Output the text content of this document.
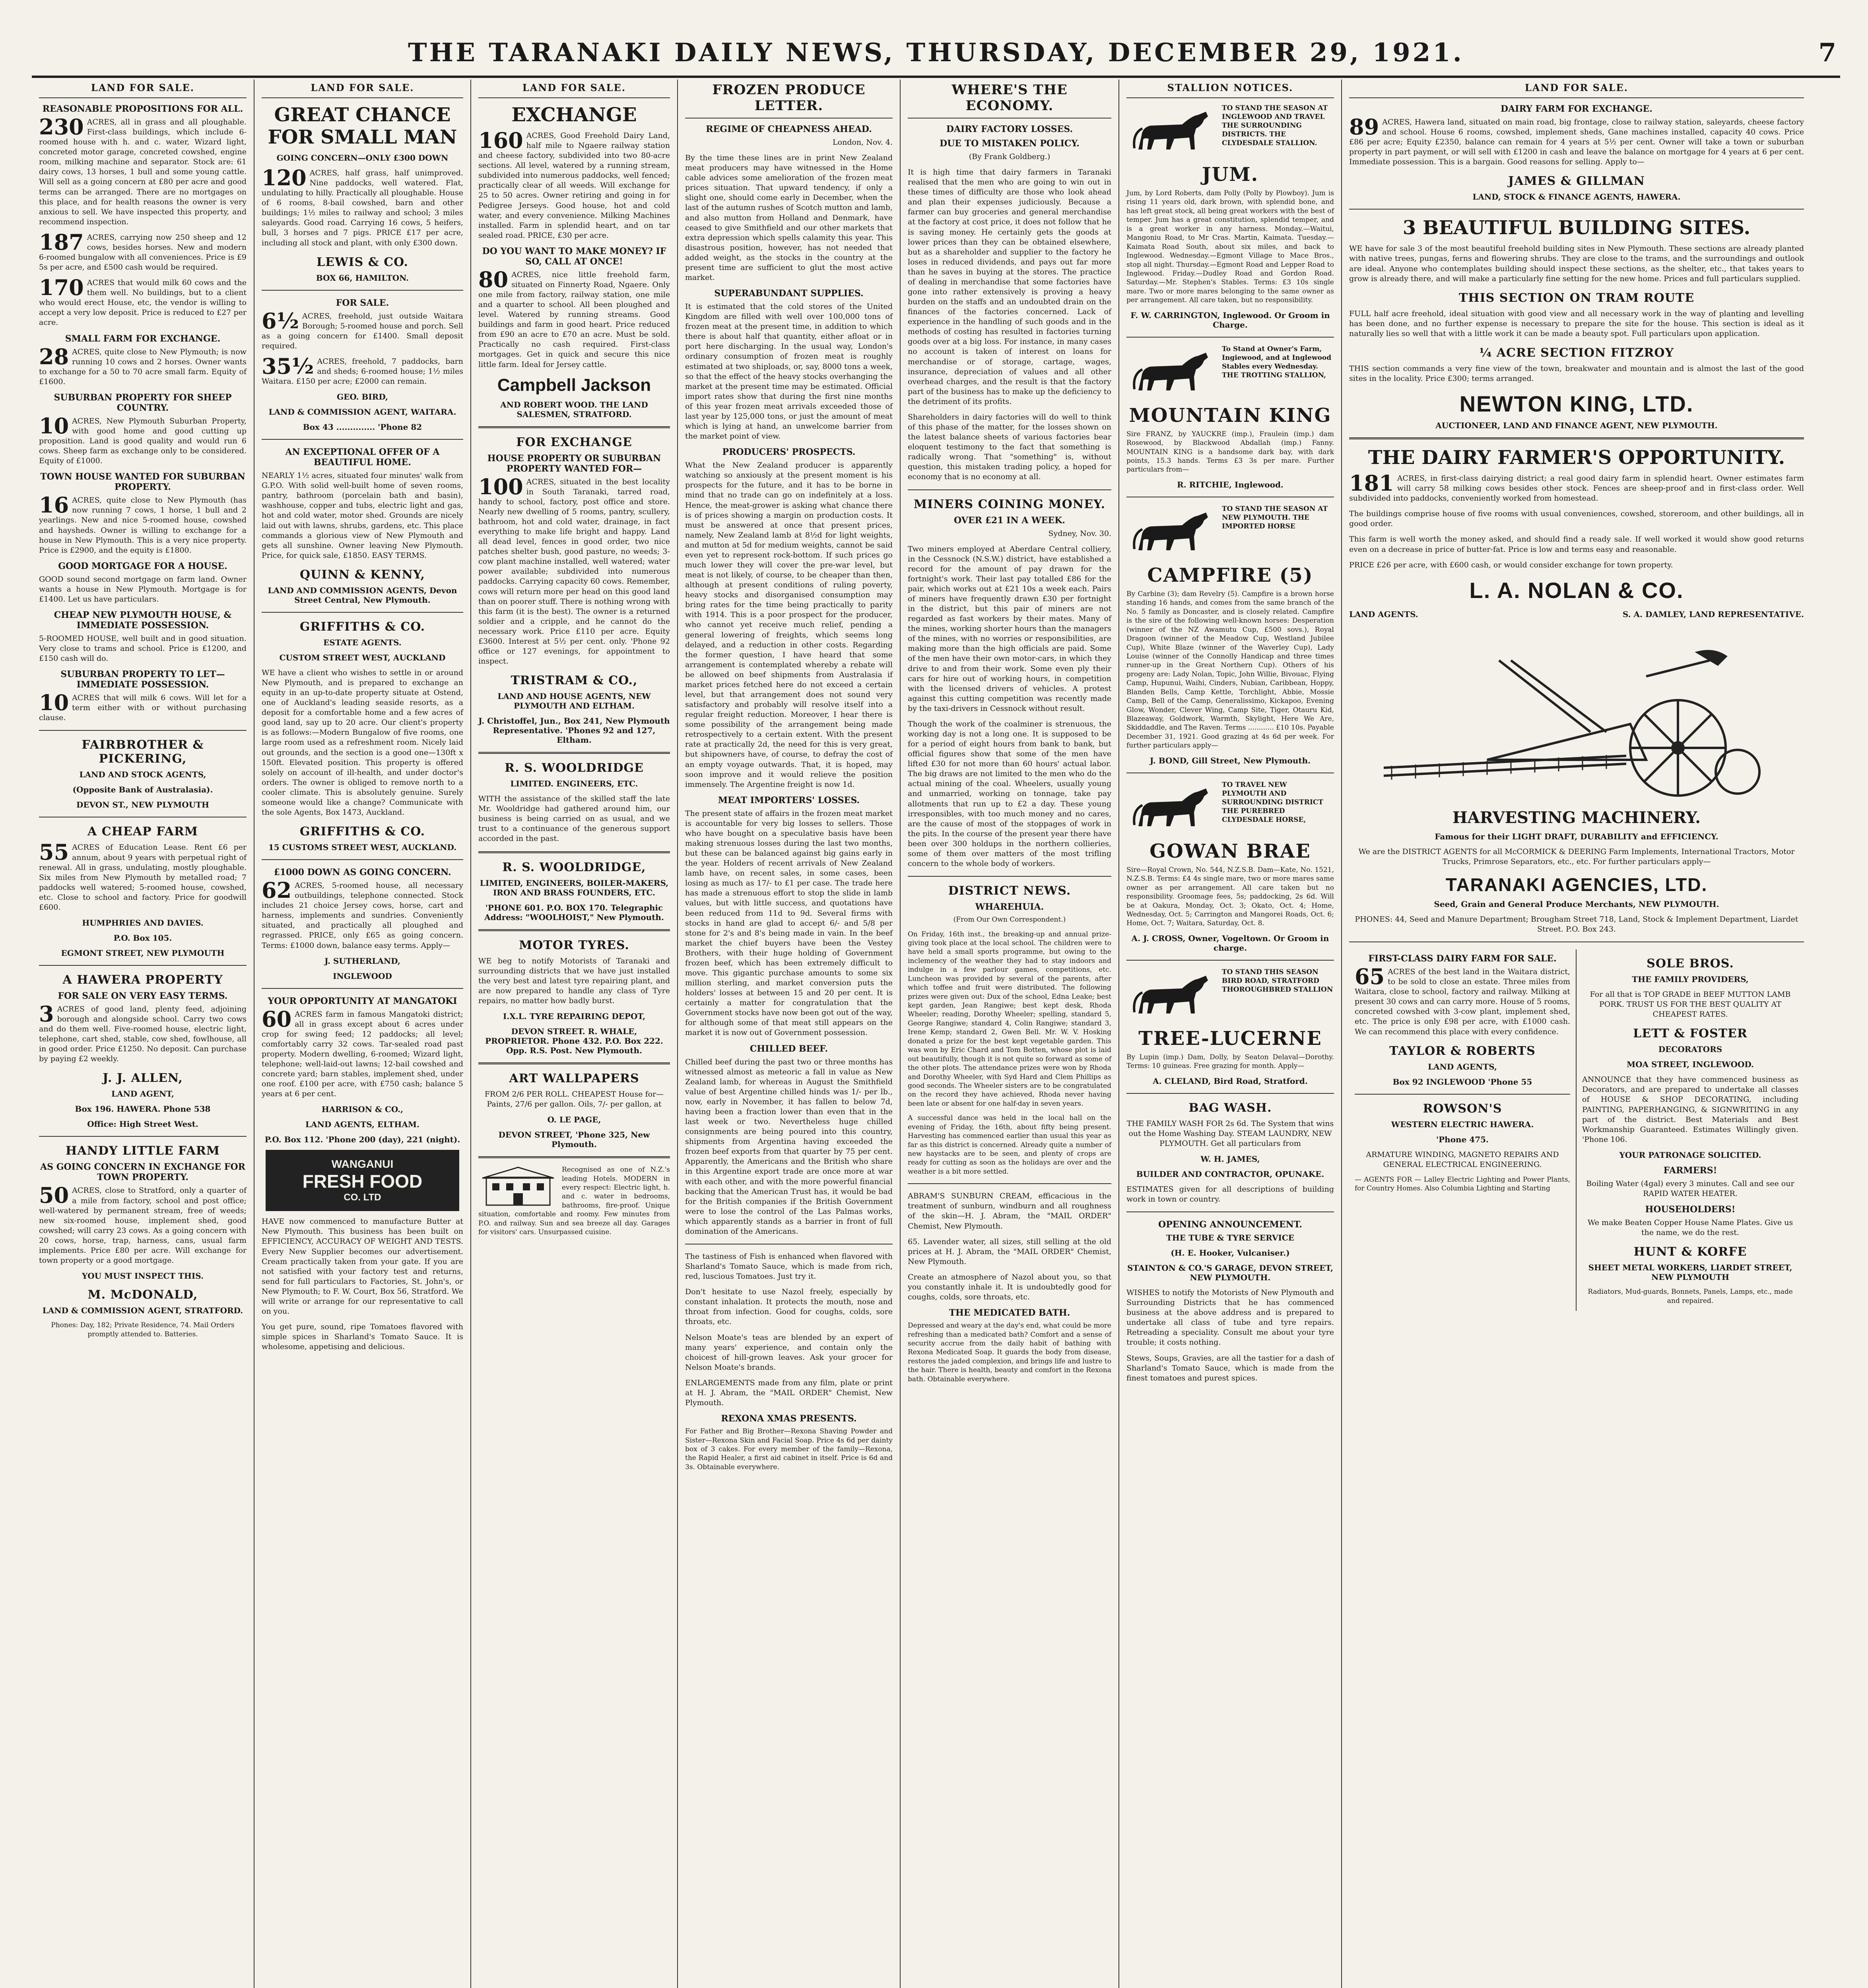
THE TARANAKI DAILY NEWS, THURSDAY, DECEMBER 29, 1921.	7
LAND FOR SALE.
REASONABLE PROPOSITIONS FOR ALL.

230 ACRES, all in grass and all ploughable. First-class buildings, which include 6-roomed house with h. and c. water, Wizard light, concreted motor garage, concreted cowshed, engine room, milking machine and separator. Stock are: 61 dairy cows, 13 horses, 1 bull and some young cattle. Will sell as a going concern at £80 per acre and good terms can be arranged. There are no mortgages on this place, and for health reasons the owner is very anxious to sell. We have inspected this property, and recommend inspection.

187 ACRES, carrying now 250 sheep and 12 cows, besides horses. New and modern 6-roomed bungalow with all conveniences. Price is £9 5s per acre, and £500 cash would be required.

170 ACRES that would milk 60 cows and the them well. No buildings, but to a client who would erect House, etc, the vendor is willing to accept a very low deposit. Price is reduced to £27 per acre.

SMALL FARM FOR EXCHANGE.

28 ACRES, quite close to New Plymouth; is now running 10 cows and 2 horses. Owner wants to exchange for a 50 to 70 acre small farm. Equity of £1600.

SUBURBAN PROPERTY FOR SHEEP COUNTRY.

10 ACRES, New Plymouth Suburban Property, with good home and good cutting up proposition. Land is good quality and would run 6 cows. Sheep farm as exchange only to be considered. Equity of £1000.

TOWN HOUSE WANTED FOR SUBURBAN PROPERTY.

16 ACRES, quite close to New Plymouth (has now running 7 cows, 1 horse, 1 bull and 2 yearlings. New and nice 5-roomed house, cowshed and haysheds. Owner is willing to exchange for a house in New Plymouth. This is a very nice property. Price is £2900, and the equity is £1800.

GOOD MORTGAGE FOR A HOUSE.

GOOD sound second mortgage on farm land. Owner wants a house in New Plymouth. Mortgage is for £1400. Let us have particulars.

CHEAP NEW PLYMOUTH HOUSE, & IMMEDIATE POSSESSION.

5-ROOMED HOUSE, well built and in good situation. Very close to trams and school. Price is £1200, and £150 cash will do.

SUBURBAN PROPERTY TO LET— IMMEDIATE POSSESSION.

10 ACRES that will milk 6 cows. Will let for a term either with or without purchasing clause.

FAIRBROTHER & PICKERING,
LAND AND STOCK AGENTS,
(Opposite Bank of Australasia).
DEVON ST., NEW PLYMOUTH
A CHEAP FARM

55 ACRES of Education Lease. Rent £6 per annum, about 9 years with perpetual right of renewal. All in grass, undulating, mostly ploughable. Six miles from New Plymouth by metalled road; 7 paddocks well watered; 5-roomed house, cowshed, etc. Close to school and factory. Price for goodwill £600.

HUMPHRIES AND DAVIES.
P.O. Box 105.
EGMONT STREET, NEW PLYMOUTH
A HAWERA PROPERTY
FOR SALE ON VERY EASY TERMS.

3 ACRES of good land, plenty feed, adjoining borough and alongside school. Carry two cows and do them well. Five-roomed house, electric light, telephone, cart shed, stable, cow shed, fowlhouse, all in good order. Price £1250. No deposit. Can purchase by paying £2 weekly.

J. J. ALLEN,
LAND AGENT,
Box 196. HAWERA. Phone 538
Office: High Street West.
HANDY LITTLE FARM
AS GOING CONCERN IN EXCHANGE FOR TOWN PROPERTY.

50 ACRES, close to Stratford, only a quarter of a mile from factory, school and post office; well-watered by permanent stream, free of weeds; new six-roomed house, implement shed, good cowshed; will carry 23 cows. As a going concern with 20 cows, horse, trap, harness, cans, usual farm implements. Price £80 per acre. Will exchange for town property or a good mortgage.

YOU MUST INSPECT THIS.
M. McDONALD,
LAND & COMMISSION AGENT, STRATFORD.

Phones: Day, 182; Private Residence, 74. Mail Orders promptly attended to. Batteries.

LAND FOR SALE.
GREAT CHANCE FOR SMALL MAN
GOING CONCERN—ONLY £300 DOWN

120 ACRES, half grass, half unimproved. Nine paddocks, well watered. Flat, undulating to hilly. Practically all ploughable. House of 6 rooms, 8-bail cowshed, barn and other buildings; 1½ miles to railway and school; 3 miles saleyards. Good road. Carrying 16 cows, 5 heifers, bull, 3 horses and 7 pigs. PRICE £17 per acre, including all stock and plant, with only £300 down.

LEWIS & CO.
BOX 66, HAMILTON.
FOR SALE.

6½ ACRES, freehold, just outside Waitara Borough; 5-roomed house and porch. Sell as a going concern for £1400. Small deposit required.

35½ ACRES, freehold, 7 paddocks, barn and sheds; 6-roomed house; 1½ miles Waitara. £150 per acre; £2000 can remain.

GEO. BIRD,
LAND & COMMISSION AGENT, WAITARA.
Box 43 .............. 'Phone 82
AN EXCEPTIONAL OFFER OF A BEAUTIFUL HOME.

NEARLY 1½ acres, situated four minutes' walk from G.P.O. With solid well-built home of seven rooms, pantry, bathroom (porcelain bath and basin), washhouse, copper and tubs, electric light and gas, hot and cold water, motor shed. Grounds are nicely laid out with lawns, shrubs, gardens, etc. This place commands a glorious view of New Plymouth and gets all sunshine. Owner leaving New Plymouth. Price, for quick sale, £1850. EASY TERMS.

QUINN & KENNY,
LAND AND COMMISSION AGENTS, Devon Street Central, New Plymouth.
GRIFFITHS & CO.
ESTATE AGENTS.
CUSTOM STREET WEST, AUCKLAND

WE have a client who wishes to settle in or around New Plymouth, and is prepared to exchange an equity in an up-to-date property situate at Ostend, one of Auckland's leading seaside resorts, as a deposit for a comfortable home and a few acres of good land, say up to 20 acre. Our client's property is as follows:—Modern Bungalow of five rooms, one large room used as a refreshment room. Nicely laid out grounds, and the section is a good one—130ft x 150ft. Elevated position. This property is offered solely on account of ill-health, and under doctor's orders. The owner is obliged to remove north to a cooler climate. This is absolutely genuine. Surely someone would like a change? Communicate with the sole Agents, Box 1473, Auckland.

GRIFFITHS & CO.
15 CUSTOMS STREET WEST, AUCKLAND.
£1000 DOWN AS GOING CONCERN.

62 ACRES, 5-roomed house, all necessary outbuildings, telephone connected. Stock includes 21 choice Jersey cows, horse, cart and harness, implements and sundries. Conveniently situated, and practically all ploughed and regrassed. PRICE, only £65 as going concern. Terms: £1000 down, balance easy terms. Apply—

J. SUTHERLAND,
INGLEWOOD
YOUR OPPORTUNITY AT MANGATOKI

60 ACRES farm in famous Mangatoki district; all in grass except about 6 acres under crop for swing feed; 12 paddocks; all level; comfortably carry 32 cows. Tar-sealed road past property. Modern dwelling, 6-roomed; Wizard light, telephone; well-laid-out lawns; 12-bail cowshed and concrete yard; barn stables, implement shed, under one roof. £100 per acre, with £750 cash; balance 5 years at 6 per cent.

HARRISON & CO.,
LAND AGENTS, ELTHAM.
P.O. Box 112. 'Phone 200 (day), 221 (night).
WANGANUI
FRESH FOOD
CO. LTD

HAVE now commenced to manufacture Butter at New Plymouth. This business has been built on EFFICIENCY, ACCURACY OF WEIGHT AND TESTS. Every New Supplier becomes our advertisement. Cream practically taken from your gate. If you are not satisfied with your factory test and returns, send for full particulars to Factories, St. John's, or New Plymouth; to F. W. Court, Box 56, Stratford. We will write or arrange for our representative to call on you.

You get pure, sound, ripe Tomatoes flavored with simple spices in Sharland's Tomato Sauce. It is wholesome, appetising and delicious.

LAND FOR SALE.
EXCHANGE

160 ACRES, Good Freehold Dairy Land, half mile to Ngaere railway station and cheese factory, subdivided into two 80-acre sections. All level, watered by a running stream, subdivided into numerous paddocks, well fenced; practically clear of all weeds. Will exchange for 25 to 50 acres. Owner retiring and going in for Pedigree Jerseys. Good house, hot and cold water, and every convenience. Milking Machines installed. Farm in splendid heart, and on tar sealed road. PRICE, £30 per acre.

DO YOU WANT TO MAKE MONEY? IF SO, CALL AT ONCE!

80 ACRES, nice little freehold farm, situated on Finnerty Road, Ngaere. Only one mile from factory, railway station, one mile and a quarter to school. All been ploughed and level. Watered by running streams. Good buildings and farm in good heart. Price reduced from £90 an acre to £70 an acre. Must be sold. Practically no cash required. First-class mortgages. Get in quick and secure this nice little farm. Ideal for Jersey cattle.

Campbell Jackson
AND ROBERT WOOD. THE LAND SALESMEN, STRATFORD.
FOR EXCHANGE
HOUSE PROPERTY OR SUBURBAN PROPERTY WANTED FOR—

100 ACRES, situated in the best locality in South Taranaki, tarred road, handy to school, factory, post office and store. Nearly new dwelling of 5 rooms, pantry, scullery, bathroom, hot and cold water, drainage, in fact everything to make life bright and happy. Land all dead level, fences in good order, two nice patches shelter bush, good pasture, no weeds; 3-cow plant machine installed, well watered; water power available; subdivided into numerous paddocks. Carrying capacity 60 cows. Remember, cows will return more per head on this good land than on poorer stuff. There is nothing wrong with this farm (it is the best). The owner is a returned soldier and a cripple, and he cannot do the necessary work. Price £110 per acre. Equity £3600. Interest at 5½ per cent. only. 'Phone 92 office or 127 evenings, for appointment to inspect.

TRISTRAM & CO.,
LAND AND HOUSE AGENTS, NEW PLYMOUTH AND ELTHAM.
J. Christoffel, Jun., Box 241, New Plymouth Representative. 'Phones 92 and 127, Eltham.
R. S. WOOLDRIDGE
LIMITED. ENGINEERS, ETC.

WITH the assistance of the skilled staff the late Mr. Wooldridge had gathered around him, our business is being carried on as usual, and we trust to a continuance of the generous support accorded in the past.

R. S. WOOLDRIDGE,
LIMITED, ENGINEERS, BOILER-MAKERS, IRON AND BRASS FOUNDERS, ETC.
'PHONE 601. P.O. BOX 170. Telegraphic Address: "WOOLHOIST," New Plymouth.
MOTOR TYRES.

WE beg to notify Motorists of Taranaki and surrounding districts that we have just installed the very best and latest tyre repairing plant, and are now prepared to handle any class of Tyre repairs, no matter how badly burst.

I.X.L. TYRE REPAIRING DEPOT,
DEVON STREET. R. WHALE, PROPRIETOR. Phone 432. P.O. Box 222. Opp. R.S. Post. New Plymouth.
ART WALLPAPERS

FROM 2/6 PER ROLL. CHEAPEST House for— Paints, 27/6 per gallon. Oils, 7/- per gallon, at

O. LE PAGE,
DEVON STREET, 'Phone 325, New Plymouth.

Recognised as one of N.Z.'s leading Hotels. MODERN in every respect: Electric light, h. and c. water in bedrooms, bathrooms, fire-proof. Unique situation, comfortable and roomy. Few minutes from P.O. and railway. Sun and sea breeze all day. Garages for visitors' cars. Unsurpassed cuisine.

FROZEN PRODUCE LETTER.
REGIME OF CHEAPNESS AHEAD.

London, Nov. 4.

By the time these lines are in print New Zealand meat producers may have witnessed in the Home cable advices some amelioration of the frozen meat prices situation. That upward tendency, if only a slight one, should come early in December, when the last of the autumn rushes of Scotch mutton and lamb, and also mutton from Holland and Denmark, have ceased to give Smithfield and our other markets that extra depression which spells calamity this year. This disastrous position, however, has not needed that added weight, as the stocks in the country at the present time are sufficient to glut the most active market.

SUPERABUNDANT SUPPLIES.

It is estimated that the cold stores of the United Kingdom are filled with well over 100,000 tons of frozen meat at the present time, in addition to which there is about half that quantity, either afloat or in port here discharging. In the usual way, London's ordinary consumption of frozen meat is roughly estimated at two shiploads, or, say, 8000 tons a week, so that the effect of the heavy stocks overhanging the market at the present time may be estimated. Official import rates show that during the first nine months of this year frozen meat arrivals exceeded those of last year by 125,000 tons, or just the amount of meat which is lying at hand, an unwelcome barrier from the market point of view.

PRODUCERS' PROSPECTS.

What the New Zealand producer is apparently watching so anxiously at the present moment is his prospects for the future, and it has to be borne in mind that no trade can go on indefinitely at a loss. Hence, the meat-grower is asking what chance there is of prices showing a margin on production costs. It must be answered at once that present prices, namely, New Zealand lamb at 8½d for light weights, and mutton at 5d for medium weights, cannot be said even yet to represent rock-bottom. If such prices go much lower they will cover the pre-war level, but meat is not likely, of course, to be cheaper than then, although at present conditions of ruling poverty, heavy stocks and disorganised consumption may bring rates for the time being practically to parity with 1914. This is a poor prospect for the producer, who cannot yet receive much relief, pending a general lowering of freights, which seems long delayed, and a reduction in other costs. Regarding the former question, I have heard that some arrangement is contemplated whereby a rebate will be allowed on beef shipments from Australasia if market prices fetched here do not exceed a certain level, but that arrangement does not sound very satisfactory and probably will resolve itself into a regular freight reduction. Moreover, I hear there is some possibility of the arrangement being made retrospectively to a certain extent. With the present rate at practically 2d, the need for this is very great, but shipowners have, of course, to defray the cost of an empty voyage outwards. That, it is hoped, may soon improve and it would relieve the position immensely. The Argentine freight is now 1d.

MEAT IMPORTERS' LOSSES.

The present state of affairs in the frozen meat market is accountable for very big losses to sellers. Those who have bought on a speculative basis have been making strenuous losses during the last two months, but these can be balanced against big gains early in the year. Holders of recent arrivals of New Zealand lamb have, on recent sales, in some cases, been losing as much as 17/- to £1 per case. The trade here has made a strenuous effort to stop the slide in lamb values, but with little success, and quotations have been reduced from 11d to 9d. Several firms with stocks in hand are glad to accept 6/- and 5/8 per stone for 2's and 8's being made in vain. In the beef market the chief buyers have been the Vestey Brothers, with their huge holding of Government frozen beef, which has been extremely difficult to move. This gigantic purchase amounts to some six million sterling, and market conversion puts the holders' losses at between 15 and 20 per cent. It is certainly a matter for congratulation that the Government stocks have now been got out of the way, for although some of that meat still appears on the market it is now out of Government possession.

CHILLED BEEF.

Chilled beef during the past two or three months has witnessed almost as meteoric a fall in value as New Zealand lamb, for whereas in August the Smithfield value of best Argentine chilled hinds was 1/- per lb., now, early in November, it has fallen to below 7d, having been a fraction lower than even that in the last week or two. Nevertheless huge chilled consignments are being poured into this country, shipments from Argentina having exceeded the frozen beef exports from that quarter by 75 per cent. Apparently, the Americans and the British who share in this Argentine export trade are once more at war with each other, and with the more powerful financial backing that the American Trust has, it would be bad for the British companies if the British Government were to lose the control of the Las Palmas works, which apparently stands as a barrier in front of full domination of the Americans.

The tastiness of Fish is enhanced when flavored with Sharland's Tomato Sauce, which is made from rich, red, luscious Tomatoes. Just try it.

Don't hesitate to use Nazol freely, especially by constant inhalation. It protects the mouth, nose and throat from infection. Good for coughs, colds, sore throats, etc.

Nelson Moate's teas are blended by an expert of many years' experience, and contain only the choicest of hill-grown leaves. Ask your grocer for Nelson Moate's brands.

ENLARGEMENTS made from any film, plate or print at H. J. Abram, the "MAIL ORDER" Chemist, New Plymouth.

REXONA XMAS PRESENTS.

For Father and Big Brother—Rexona Shaving Powder and Sister—Rexona Skin and Facial Soap. Price 4s 6d per dainty box of 3 cakes. For every member of the family—Rexona, the Rapid Healer, a first aid cabinet in itself. Price is 6d and 3s. Obtainable everywhere.

WHERE'S THE ECONOMY.
DAIRY FACTORY LOSSES.
DUE TO MISTAKEN POLICY.

(By Frank Goldberg.)

It is high time that dairy farmers in Taranaki realised that the men who are going to win out in these times of difficulty are those who look ahead and plan their expenses judiciously. Because a farmer can buy groceries and general merchandise at the factory at cost price, it does not follow that he is saving money. He certainly gets the goods at lower prices than they can be obtained elsewhere, but as a shareholder and supplier to the factory he loses in reduced dividends, and pays out far more than he saves in buying at the stores. The practice of dealing in merchandise that some factories have gone into rather extensively is proving a heavy burden on the staffs and an undoubted drain on the finances of the factories concerned. Lack of experience in the handling of such goods and in the methods of costing has resulted in factories turning goods over at a big loss. For instance, in many cases no account is taken of interest on loans for merchandise or of storage, cartage, wages, insurance, depreciation of values and all other overhead charges, and the result is that the factory part of the business has to make up the deficiency to the detriment of its profits.

Shareholders in dairy factories will do well to think of this phase of the matter, for the losses shown on the latest balance sheets of various factories bear eloquent testimony to the fact that something is radically wrong. That "something" is, without question, this mistaken trading policy, a hoped for economy that is no economy at all.

MINERS COINING MONEY.
OVER £21 IN A WEEK.

Sydney, Nov. 30.

Two miners employed at Aberdare Central colliery, in the Cessnock (N.S.W.) district, have established a record for the amount of pay drawn for the fortnight's work. Their last pay totalled £86 for the pair, which works out at £21 10s a week each. Pairs of miners have frequently drawn £30 per fortnight in the district, but this pair of miners are not regarded as fast workers by their mates. Many of the mines, working shorter hours than the managers of the mines, with no worries or responsibilities, are making more than the high officials are paid. Some of the men have their own motor-cars, in which they drive to and from their work. Some even ply their cars for hire out of working hours, in competition with the licensed drivers of vehicles. A protest against this cutting competition was recently made by the taxi-drivers in Cessnock without result.

Though the work of the coalminer is strenuous, the working day is not a long one. It is supposed to be for a period of eight hours from bank to bank, but official figures show that some of the men have lifted £30 for not more than 60 hours' actual labor. The big draws are not limited to the men who do the actual mining of the coal. Wheelers, usually young and unmarried, working on tonnage, take pay allotments that run up to £2 a day. These young irresponsibles, with too much money and no cares, are the cause of most of the stoppages of work in the pits. In the course of the present year there have been over 300 holdups in the northern collieries, some of them over matters of the most trifling concern to the whole body of workers.

DISTRICT NEWS.
WHAREHUIA.

(From Our Own Correspondent.)

On Friday, 16th inst., the breaking-up and annual prize-giving took place at the local school. The children were to have held a small sports programme, but owing to the inclemency of the weather they had to stay indoors and indulge in a few parlour games, competitions, etc. Luncheon was provided by several of the parents, after which toffee and fruit were distributed. The following prizes were given out: Dux of the school, Edna Leake; best kept garden, Jean Rangiwe; best kept desk, Rhoda Wheeler; reading, Dorothy Wheeler; spelling, standard 5, George Rangiwe; standard 4, Colin Rangiwe; standard 3, Irene Kemp; standard 2, Gwen Bell. Mr. W. V. Hosking donated a prize for the best kept vegetable garden. This was won by Eric Chard and Tom Botten, whose plot is laid out beautifully, though it is not quite so forward as some of the other plots. The attendance prizes were won by Rhoda and Dorothy Wheeler, with Syd Hard and Clem Phillips as good seconds. The Wheeler sisters are to be congratulated on the record they have achieved, Rhoda never having been late or absent for one half-day in seven years.

A successful dance was held in the local hall on the evening of Friday, the 16th, about fifty being present. Harvesting has commenced earlier than usual this year as far as this district is concerned. Already quite a number of new haystacks are to be seen, and plenty of crops are ready for cutting as soon as the holidays are over and the weather is a bit more settled.

ABRAM'S SUNBURN CREAM, efficacious in the treatment of sunburn, windburn and all roughness of the skin—H. J. Abram, the "MAIL ORDER" Chemist, New Plymouth.

65. Lavender water, all sizes, still selling at the old prices at H. J. Abram, the "MAIL ORDER" Chemist, New Plymouth.

Create an atmosphere of Nazol about you, so that you constantly inhale it. It is undoubtedly good for coughs, colds, sore throats, etc.

THE MEDICATED BATH.

Depressed and weary at the day's end, what could be more refreshing than a medicated bath? Comfort and a sense of security accrue from the daily habit of bathing with Rexona Medicated Soap. It guards the body from disease, restores the jaded complexion, and brings life and lustre to the hair. There is health, beauty and comfort in the Rexona bath. Obtainable everywhere.

STALLION NOTICES.
TO STAND THE SEASON AT INGLEWOOD AND TRAVEL THE SURROUNDING DISTRICTS. THE CLYDESDALE STALLION.
JUM.

Jum, by Lord Roberts, dam Polly (Polly by Plowboy). Jum is rising 11 years old, dark brown, with splendid bone, and has left great stock, all being great workers with the best of temper. Jum has a great constitution, splendid temper, and is a great worker in any harness. Monday.—Waitui, Mangoniu Road, to Mr Cras. Martin, Kaimata. Tuesday.—Kaimata Road South, about six miles, and back to Inglewood. Wednesday.—Egmont Village to Mace Bros., stop all night. Thursday.—Egmont Road and Lepper Road to Inglewood. Friday.—Dudley Road and Gordon Road. Saturday.—Mr. Stephen's Stables. Terms: £3 10s single mare. Two or more mares belonging to the same owner as per arrangement. All care taken, but no responsibility.

F. W. CARRINGTON, Inglewood. Or Groom in Charge.
To Stand at Owner's Farm, Ingiewood, and at Inglewood Stables every Wednesday. THE TROTTING STALLION,
MOUNTAIN KING

Sire FRANZ, by YAUCKRE (imp.), Fraulein (imp.) dam Rosewood, by Blackwood Abdallah (imp.) Fanny. MOUNTAIN KING is a handsome dark bay, with dark points, 15.3 hands. Terms £3 3s per mare. Further particulars from—

R. RITCHIE, Inglewood.
TO STAND THE SEASON AT NEW PLYMOUTH. THE IMPORTED HORSE
CAMPFIRE (5)

By Carbine (3); dam Revelry (5). Campfire is a brown horse standing 16 hands, and comes from the same branch of the No. 5 family as Doncaster, and is closely related. Campfire is the sire of the following well-known horses: Desperation (winner of the NZ Awamutu Cup, £500 sovs.), Royal Dragoon (winner of the Meadow Cup, Westland Jubilee Cup), White Blaze (winner of the Waverley Cup), Lady Louise (winner of the Connolly Handicap and three times runner-up in the Great Northern Cup). Others of his progeny are: Lady Nolan, Topic, John Willie, Bivouac, Flying Camp, Hupunui, Waihi, Cinders, Nubian, Caribbean, Hoppy, Blanden Bells, Camp Kettle, Torchlight, Abbie, Mossie Camp, Bell of the Camp, Generalissimo, Kickapoo, Evening Glow, Wonder, Clever Wing, Camp Site, Tiger, Otauru Kid, Blazeaway, Goldwork, Warmth, Skylight, Here We Are, Skiddaddle, and The Raven. Terms ............ £10 10s. Payable December 31, 1921. Good grazing at 4s 6d per week. For further particulars apply—

J. BOND, Gill Street, New Plymouth.
TO TRAVEL NEW PLYMOUTH AND SURROUNDING DISTRICT THE PUREBRED CLYDESDALE HORSE,
GOWAN BRAE

Sire—Royal Crown, No. 544, N.Z.S.B. Dam—Kate, No. 1521, N.Z.S.B. Terms: £4 4s single mare, two or more mares same owner as per arrangement. All care taken but no responsibility. Groomage fees, 5s; paddocking, 2s 6d. Will be at Oakura, Monday, Oct. 3; Okato, Oct. 4; Home, Wednesday, Oct. 5; Carrington and Mangorei Roads, Oct. 6; Home, Oct. 7; Waitara, Saturday, Oct. 8.

A. J. CROSS, Owner, Vogeltown. Or Groom in charge.
TO STAND THIS SEASON BIRD ROAD, STRATFORD THOROUGHBRED STALLION
TREE-LUCERNE

By Lupin (imp.) Dam, Dolly, by Seaton Delaval—Dorothy. Terms: 10 guineas. Free grazing for month. Apply—

A. CLELAND, Bird Road, Stratford.
BAG WASH.

THE FAMILY WASH FOR 2s 6d. The System that wins out the Home Washing Day. STEAM LAUNDRY, NEW PLYMOUTH. Get all particulars from

W. H. JAMES,
BUILDER AND CONTRACTOR, OPUNAKE.

ESTIMATES given for all descriptions of building work in town or country.

OPENING ANNOUNCEMENT.
THE TUBE & TYRE SERVICE
(H. E. Hooker, Vulcaniser.)
STAINTON & CO.'S GARAGE, DEVON STREET, NEW PLYMOUTH.

WISHES to notify the Motorists of New Plymouth and Surrounding Districts that he has commenced business at the above address and is prepared to undertake all class of tube and tyre repairs. Retreading a speciality. Consult me about your tyre trouble; it costs nothing.

Stews, Soups, Gravies, are all the tastier for a dash of Sharland's Tomato Sauce, which is made from the finest tomatoes and purest spices.

LAND FOR SALE.
DAIRY FARM FOR EXCHANGE.

89 ACRES, Hawera land, situated on main road, big frontage, close to railway station, saleyards, cheese factory and school. House 6 rooms, cowshed, implement sheds, Gane machines installed, capacity 40 cows. Price £86 per acre; Equity £2350, balance can remain for 4 years at 5½ per cent. Owner will take a town or suburban property in part payment, or will sell with £1200 in cash and leave the balance on mortgage for 4 years at 6 per cent. Immediate possession. This is a bargain. Good reasons for selling. Apply to—

JAMES & GILLMAN
LAND, STOCK & FINANCE AGENTS, HAWERA.
3 BEAUTIFUL BUILDING SITES.

WE have for sale 3 of the most beautiful freehold building sites in New Plymouth. These sections are already planted with native trees, pungas, ferns and flowering shrubs. They are close to the trams, and the surroundings and outlook are ideal. Anyone who contemplates building should inspect these sections, as the shelter, etc., that takes years to grow is already there, and will make a particularly fine setting for the new home. Prices and full particulars supplied.

THIS SECTION ON TRAM ROUTE

FULL half acre freehold, ideal situation with good view and all necessary work in the way of planting and levelling has been done, and no further expense is necessary to prepare the site for the house. This section is ideal as it naturally lies so well that with a little work it can be made a beauty spot. Full particulars upon application.

¼ ACRE SECTION FITZROY

THIS section commands a very fine view of the town, breakwater and mountain and is almost the last of the good sites in the locality. Price £300; terms arranged.

NEWTON KING, LTD.
AUCTIONEER, LAND AND FINANCE AGENT, NEW PLYMOUTH.
THE DAIRY FARMER'S OPPORTUNITY.

181 ACRES, in first-class dairying district; a real good dairy farm in splendid heart. Owner estimates farm will carry 58 milking cows besides other stock. Fences are sheep-proof and in first-class order. Well subdivided into paddocks, conveniently worked from homestead.

The buildings comprise house of five rooms with usual conveniences, cowshed, storeroom, and other buildings, all in good order.

This farm is well worth the money asked, and should find a ready sale. If well worked it would show good returns even on a decrease in price of butter-fat. Price is low and terms easy and reasonable.

PRICE £26 per acre, with £600 cash, or would consider exchange for town property.

L. A. NOLAN & CO.
LAND AGENTS.	S. A. DAMLEY, LAND REPRESENTATIVE.
HARVESTING MACHINERY.
Famous for their LIGHT DRAFT, DURABILITY and EFFICIENCY.

We are the DISTRICT AGENTS for all McCORMICK & DEERING Farm Implements, International Tractors, Motor Trucks, Primrose Separators, etc., etc. For further particulars apply—

TARANAKI AGENCIES, LTD.
Seed, Grain and General Produce Merchants, NEW PLYMOUTH.

PHONES: 44, Seed and Manure Department; Brougham Street 718, Land, Stock & Implement Department, Liardet Street. P.O. Box 243.

FIRST-CLASS DAIRY FARM FOR SALE.

65 ACRES of the best land in the Waitara district, to be sold to close an estate. Three miles from Waitara, close to school, factory and railway. Milking at present 30 cows and can carry more. House of 5 rooms, concreted cowshed with 3-cow plant, implement shed, etc. The price is only £98 per acre, with £1000 cash. We can recommend this place with every confidence.

TAYLOR & ROBERTS
LAND AGENTS,
Box 92 INGLEWOOD 'Phone 55
ROWSON'S
WESTERN ELECTRIC HAWERA.
'Phone 475.

ARMATURE WINDING, MAGNETO REPAIRS AND GENERAL ELECTRICAL ENGINEERING.

— AGENTS FOR — Lalley Electric Lighting and Power Plants, for Country Homes. Also Columbia Lighting and Starting

SOLE BROS.
THE FAMILY PROVIDERS,

For all that is TOP GRADE in BEEF MUTTON LAMB PORK. TRUST US FOR THE BEST QUALITY AT CHEAPEST RATES.

LETT & FOSTER
DECORATORS
MOA STREET, INGLEWOOD.

ANNOUNCE that they have commenced business as Decorators, and are prepared to undertake all classes of HOUSE & SHOP DECORATING, including PAINTING, PAPERHANGING, & SIGNWRITING in any part of the district. Best Materials and Best Workmanship Guaranteed. Estimates Willingly given. 'Phone 106.

YOUR PATRONAGE SOLICITED.
FARMERS!

Boiling Water (4gal) every 3 minutes. Call and see our RAPID WATER HEATER.

HOUSEHOLDERS!

We make Beaten Copper House Name Plates. Give us the name, we do the rest.

HUNT & KORFE
SHEET METAL WORKERS, LIARDET STREET, NEW PLYMOUTH

Radiators, Mud-guards, Bonnets, Panels, Lamps, etc., made and repaired.
